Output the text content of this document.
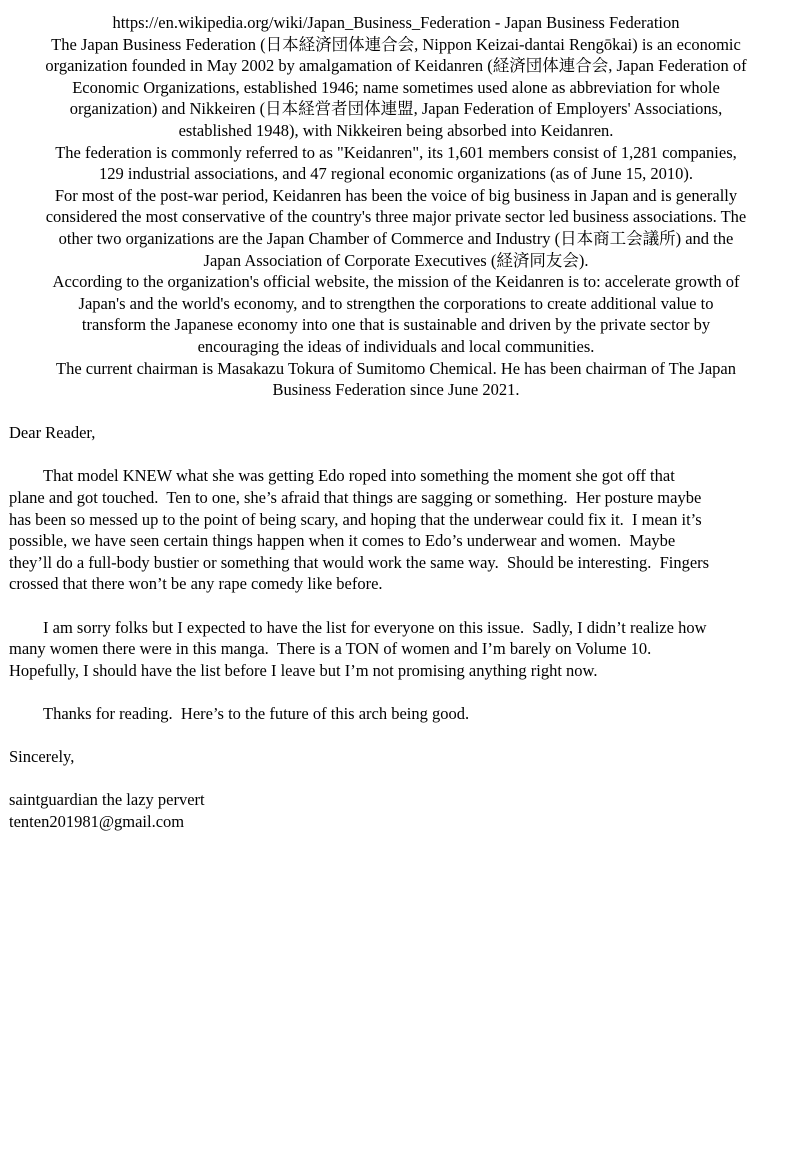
https://en.wikipedia.org/wiki/Japan_Business_Federation - Japan Business Federation
The Japan Business Federation (日本経済団体連合会, Nippon Keizai-dantai Rengōkai) is an economic
organization founded in May 2002 by amalgamation of Keidanren (経済団体連合会, Japan Federation of
Economic Organizations, established 1946; name sometimes used alone as abbreviation for whole
organization) and Nikkeiren (日本経営者団体連盟, Japan Federation of Employers' Associations,
established 1948), with Nikkeiren being absorbed into Keidanren.
The federation is commonly referred to as "Keidanren", its 1,601 members consist of 1,281 companies,
129 industrial associations, and 47 regional economic organizations (as of June 15, 2010).
For most of the post-war period, Keidanren has been the voice of big business in Japan and is generally
considered the most conservative of the country's three major private sector led business associations. The
other two organizations are the Japan Chamber of Commerce and Industry (日本商工会議所) and the
Japan Association of Corporate Executives (経済同友会).
According to the organization's official website, the mission of the Keidanren is to: accelerate growth of
Japan's and the world's economy, and to strengthen the corporations to create additional value to
transform the Japanese economy into one that is sustainable and driven by the private sector by
encouraging the ideas of individuals and local communities.
The current chairman is Masakazu Tokura of Sumitomo Chemical. He has been chairman of The Japan
Business Federation since June 2021.
Dear Reader,
That model KNEW what she was getting Edo roped into something the moment she got off that
plane and got touched.  Ten to one, she’s afraid that things are sagging or something.  Her posture maybe
has been so messed up to the point of being scary, and hoping that the underwear could fix it.  I mean it’s
possible, we have seen certain things happen when it comes to Edo’s underwear and women.  Maybe
they’ll do a full-body bustier or something that would work the same way.  Should be interesting.  Fingers
crossed that there won’t be any rape comedy like before.
I am sorry folks but I expected to have the list for everyone on this issue.  Sadly, I didn’t realize how
many women there were in this manga.  There is a TON of women and I’m barely on Volume 10.
Hopefully, I should have the list before I leave but I’m not promising anything right now.
Thanks for reading.  Here’s to the future of this arch being good.
Sincerely,
saintguardian the lazy pervert
tenten201981@gmail.com
